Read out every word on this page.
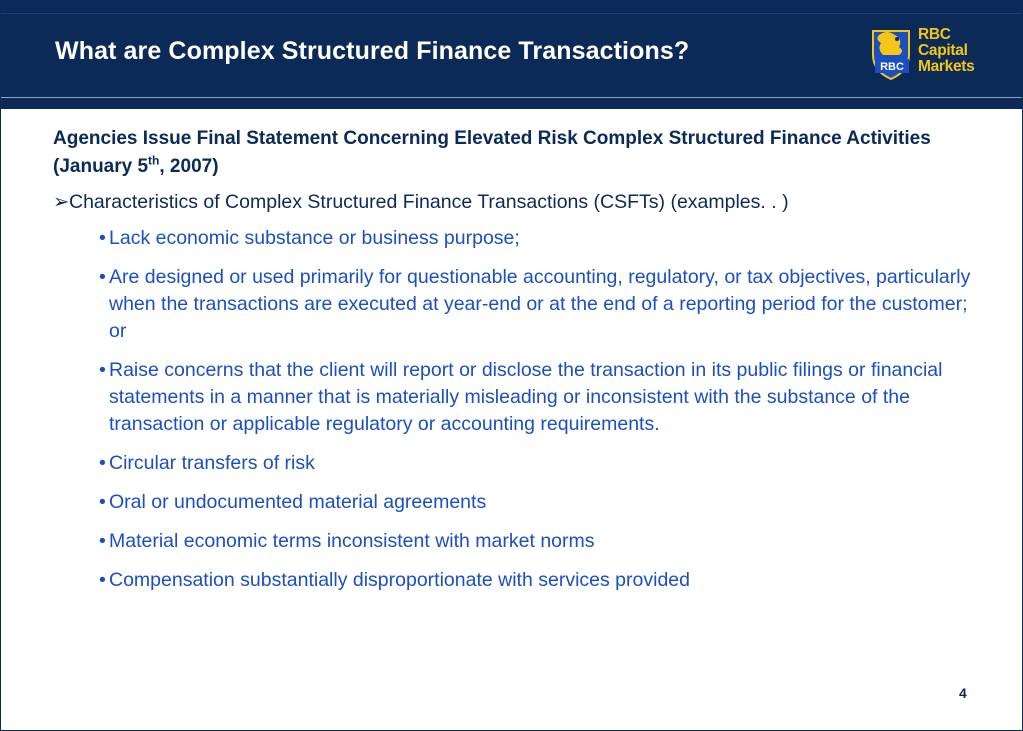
What are Complex Structured Finance Transactions?
RBC
RBC
Capital
Markets

Agencies Issue Final Statement Concerning Elevated Risk Complex Structured Finance Activities (January 5th, 2007)

➢Characteristics of Complex Structured Finance Transactions (CSFTs) (examples. . )

• Lack economic substance or business purpose;
• Are designed or used primarily for questionable accounting, regulatory, or tax objectives, particularly when the transactions are executed at year-end or at the end of a reporting period for the customer; or
• Raise concerns that the client will report or disclose the transaction in its public filings or financial statements in a manner that is materially misleading or inconsistent with the substance of the transaction or applicable regulatory or accounting requirements.
• Circular transfers of risk
• Oral or undocumented material agreements
• Material economic terms inconsistent with market norms
• Compensation substantially disproportionate with services provided
4
